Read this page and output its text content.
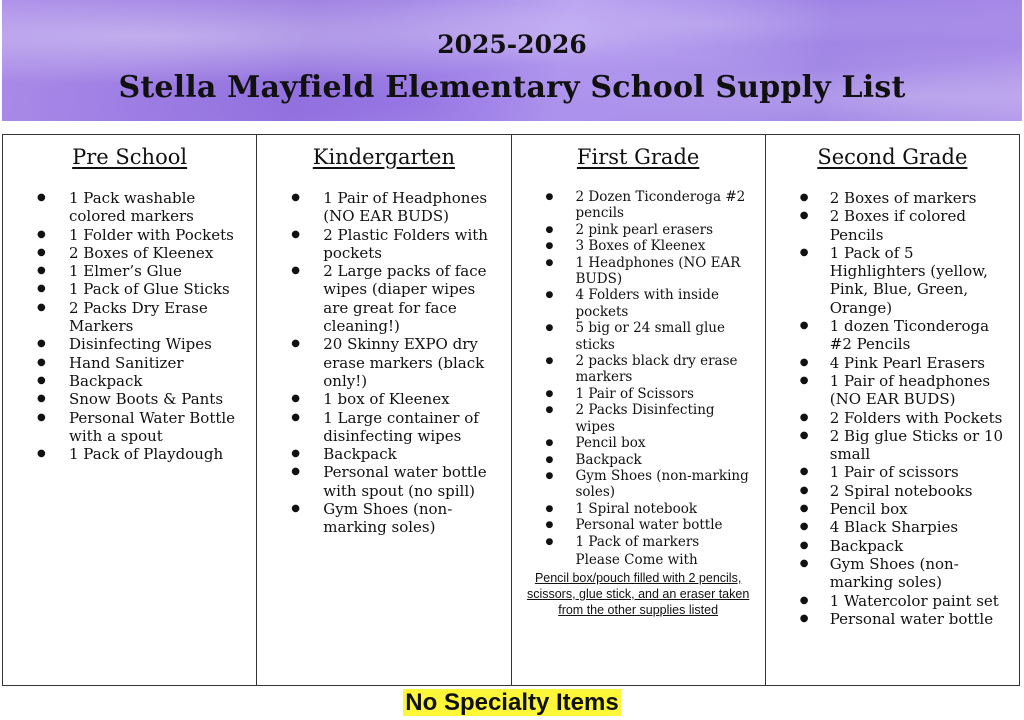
2025-2026
Stella Mayfield Elementary School Supply List
Pre School
● 1 Pack washable colored markers
● 1 Folder with Pockets
● 2 Boxes of Kleenex
● 1 Elmer’s Glue
● 1 Pack of Glue Sticks
● 2 Packs Dry Erase Markers
● Disinfecting Wipes
● Hand Sanitizer
● Backpack
● Snow Boots & Pants
● Personal Water Bottle with a spout
● 1 Pack of Playdough
Kindergarten
● 1 Pair of Headphones (NO EAR BUDS)
● 2 Plastic Folders with pockets
● 2 Large packs of face wipes (diaper wipes are great for face cleaning!)
● 20 Skinny EXPO dry erase markers (black only!)
● 1 box of Kleenex
● 1 Large container of disinfecting wipes
● Backpack
● Personal water bottle with spout (no spill)
● Gym Shoes (non-marking soles)
First Grade
● 2 Dozen Ticonderoga #2 pencils
● 2 pink pearl erasers
● 3 Boxes of Kleenex
● 1 Headphones (NO EAR BUDS)
● 4 Folders with inside pockets
● 5 big or 24 small glue sticks
● 2 packs black dry erase markers
● 1 Pair of Scissors
● 2 Packs Disinfecting wipes
● Pencil box
● Backpack
● Gym Shoes (non-marking soles)
● 1 Spiral notebook
● Personal water bottle
● 1 Pack of markers
Please Come with
Pencil box/pouch filled with 2 pencils, scissors, glue stick, and an eraser taken from the other supplies listed
Second Grade
● 2 Boxes of markers
● 2 Boxes if colored Pencils
● 1 Pack of 5 Highlighters (yellow, Pink, Blue, Green, Orange)
● 1 dozen Ticonderoga #2 Pencils
● 4 Pink Pearl Erasers
● 1 Pair of headphones (NO EAR BUDS)
● 2 Folders with Pockets
● 2 Big glue Sticks or 10 small
● 1 Pair of scissors
● 2 Spiral notebooks
● Pencil box
● 4 Black Sharpies
● Backpack
● Gym Shoes (non-marking soles)
● 1 Watercolor paint set
● Personal water bottle
No Specialty Items
